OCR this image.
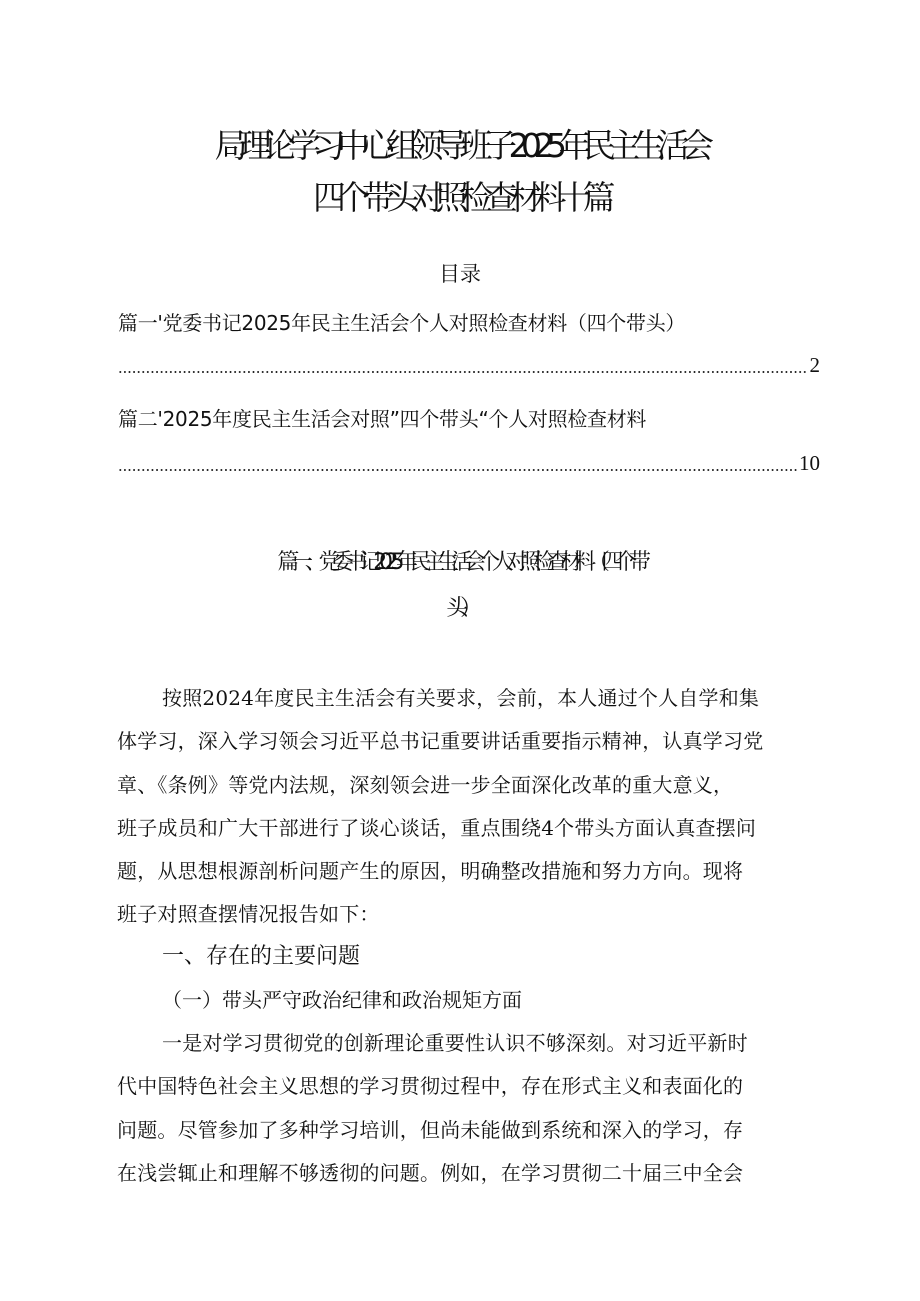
局理论学习中心组领导班子2025年民主生活会
四个带头对照检查材料十篇
目录
篇一'党委书记2025年民主生活会个人对照检查材料（四个带头）
2
篇二'2025年度民主生活会对照”四个带头“个人对照检查材料
10
篇一、党委书记2025年民主生活会个人对照检查材料（四个带
头）
按照2024年度民主生活会有关要求，会前，本人通过个人自学和集
体学习，深入学习领会习近平总书记重要讲话重要指示精神，认真学习党
章、《条例》等党内法规，深刻领会进一步全面深化改革的重大意义，
班子成员和广大干部进行了谈心谈话，重点围绕4个带头方面认真查摆问
题，从思想根源剖析问题产生的原因，明确整改措施和努力方向。现将
班子对照查摆情况报告如下：
一、存在的主要问题
（一）带头严守政治纪律和政治规矩方面
一是对学习贯彻党的创新理论重要性认识不够深刻。对习近平新时
代中国特色社会主义思想的学习贯彻过程中，存在形式主义和表面化的
问题。尽管参加了多种学习培训，但尚未能做到系统和深入的学习，存
在浅尝辄止和理解不够透彻的问题。例如，在学习贯彻二十届三中全会
